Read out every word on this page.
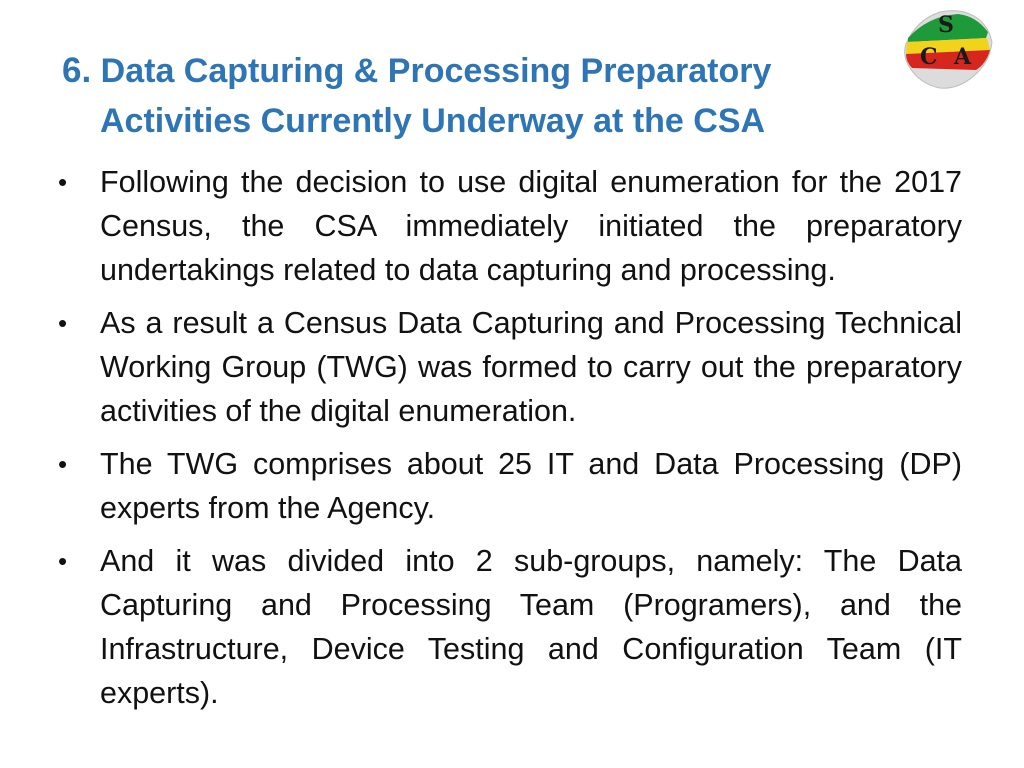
6. Data Capturing & Processing Preparatory
Activities Currently Underway at the CSA
S
C A
• Following the decision to use digital enumeration for the 2017 Census, the CSA immediately initiated the preparatory undertakings related to data capturing and processing.
• As a result a Census Data Capturing and Processing Technical Working Group (TWG) was formed to carry out the preparatory activities of the digital enumeration.
• The TWG comprises about 25 IT and Data Processing (DP) experts from the Agency.
• And it was divided into 2 sub-groups, namely: The Data Capturing and Processing Team (Programers), and the Infrastructure, Device Testing and Configuration Team (IT experts).
